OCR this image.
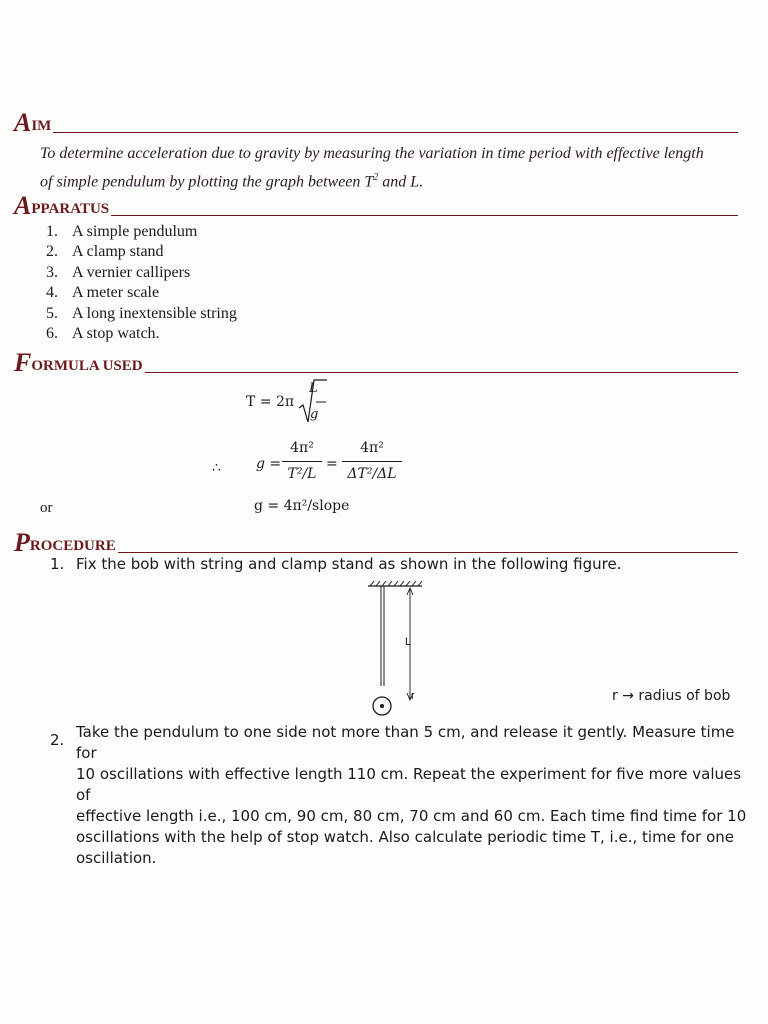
A IM
To determine acceleration due to gravity by measuring the variation in time period with effective length
of simple pendulum by plotting the graph between $T^2$ and L.
A PPARATUS
1. A simple pendulum
2. A clamp stand
3. A vernier callipers
4. A meter scale
5. A long inextensible string
6. A stop watch.
F ORMULA USED
T = 2π
L
g
∴	g =
4π²
T²/L
=
4π²
ΔT²/ΔL
or	g = 4π²/slope
P ROCEDURE
1. Fix the bob with string and clamp stand as shown in the following figure.
L
r	r → radius of bob
2. Take the pendulum to one side not more than 5 cm, and release it gently. Measure time for
10 oscillations with effective length 110 cm. Repeat the experiment for five more values of
effective length i.e., 100 cm, 90 cm, 80 cm, 70 cm and 60 cm. Each time find time for 10
oscillations with the help of stop watch. Also calculate periodic time T, i.e., time for one
oscillation.
